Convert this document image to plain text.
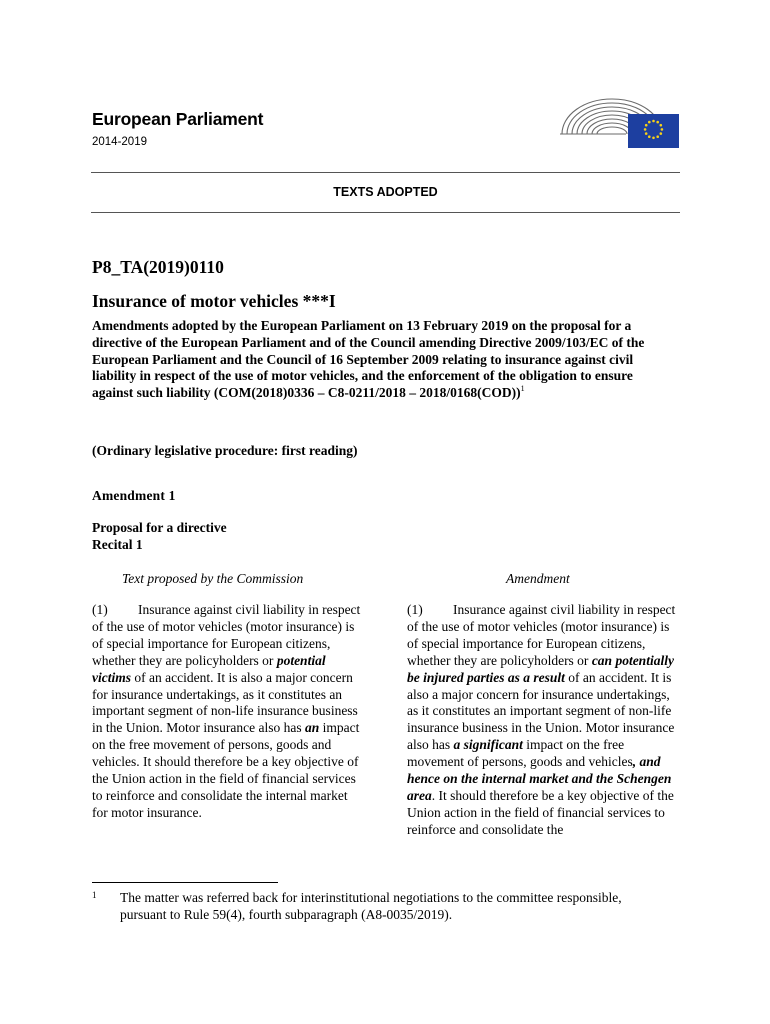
European Parliament
2014-2019
TEXTS ADOPTED
P8_TA(2019)0110
Insurance of motor vehicles ***I
Amendments adopted by the European Parliament on 13 February 2019 on the proposal for a directive of the European Parliament and of the Council amending Directive 2009/103/EC of the European Parliament and the Council of 16 September 2009 relating to insurance against civil liability in respect of the use of motor vehicles, and the enforcement of the obligation to ensure against such liability (COM(2018)0336 – C8-0211/2018 – 2018/0168(COD))$^1$
(Ordinary legislative procedure: first reading)
Amendment 1
Proposal for a directive
Recital 1
Text proposed by the Commission	Amendment
(1) Insurance against civil liability in respect of the use of motor vehicles (motor insurance) is of special importance for European citizens, whether they are policyholders or potential victims of an accident. It is also a major concern for insurance undertakings, as it constitutes an important segment of non-life insurance business in the Union. Motor insurance also has an impact on the free movement of persons, goods and vehicles. It should therefore be a key objective of the Union action in the field of financial services to reinforce and consolidate the internal market for motor insurance.
(1) Insurance against civil liability in respect of the use of motor vehicles (motor insurance) is of special importance for European citizens, whether they are policyholders or can potentially be injured parties as a result of an accident. It is also a major concern for insurance undertakings, as it constitutes an important segment of non-life insurance business in the Union. Motor insurance also has a significant impact on the free movement of persons, goods and vehicles, and hence on the internal market and the Schengen area. It should therefore be a key objective of the Union action in the field of financial services to reinforce and consolidate the
1 The matter was referred back for interinstitutional negotiations to the committee responsible, pursuant to Rule 59(4), fourth subparagraph (A8-0035/2019).
